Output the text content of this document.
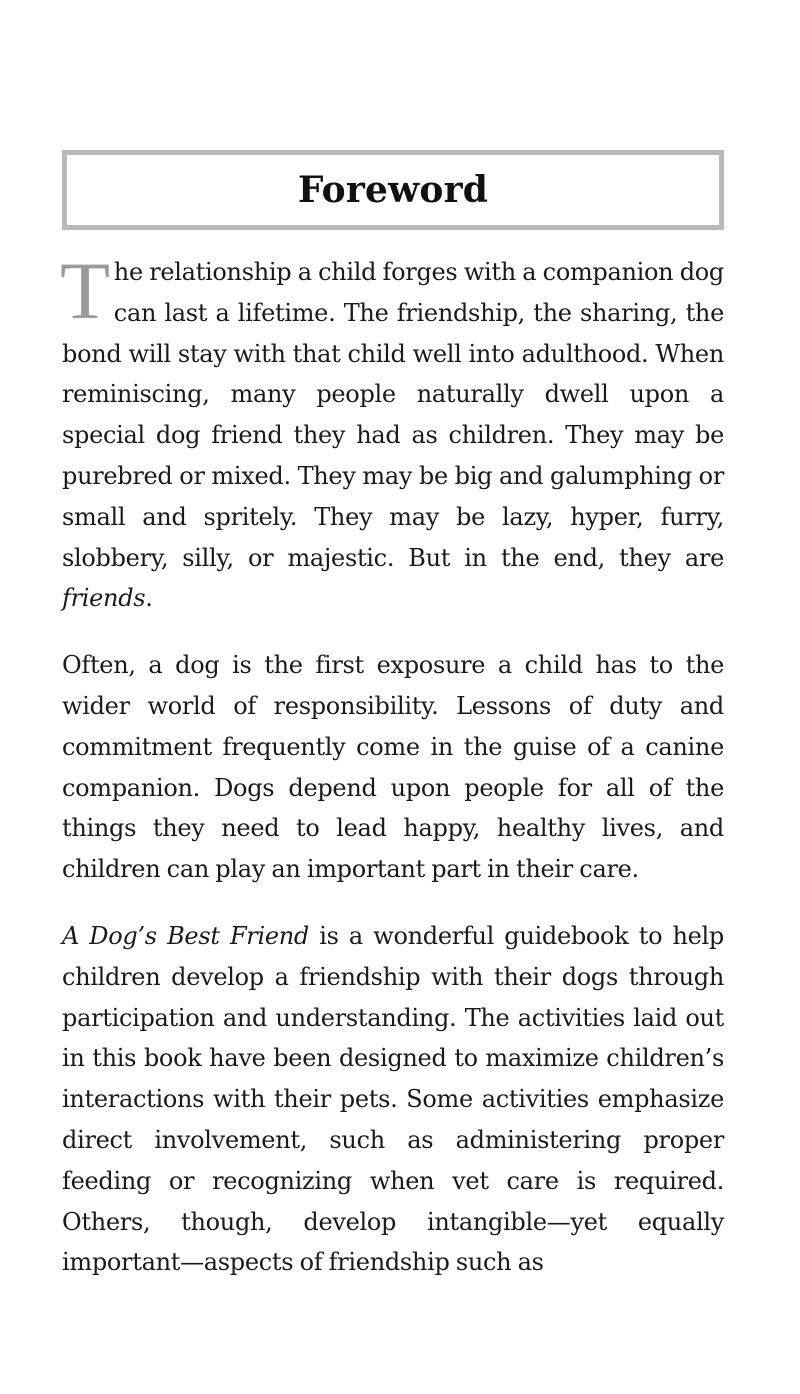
Foreword

The relationship a child forges with a companion dog can last a lifetime. The friendship, the sharing, the bond will stay with that child well into adulthood. When reminiscing, many people naturally dwell upon a special dog friend they had as children. They may be purebred or mixed. They may be big and galumphing or small and spritely. They may be lazy, hyper, furry, slobbery, silly, or majestic. But in the end, they are friends.

Often, a dog is the first exposure a child has to the wider world of responsibility. Lessons of duty and commitment frequently come in the guise of a canine companion. Dogs depend upon people for all of the things they need to lead happy, healthy lives, and children can play an important part in their care.

A Dog’s Best Friend is a wonderful guidebook to help children develop a friendship with their dogs through participation and understanding. The activities laid out in this book have been designed to maximize children’s interactions with their pets. Some activities emphasize direct involvement, such as administering proper feeding or recognizing when vet care is required. Others, though, develop intangible—yet equally important—aspects of friendship such as
